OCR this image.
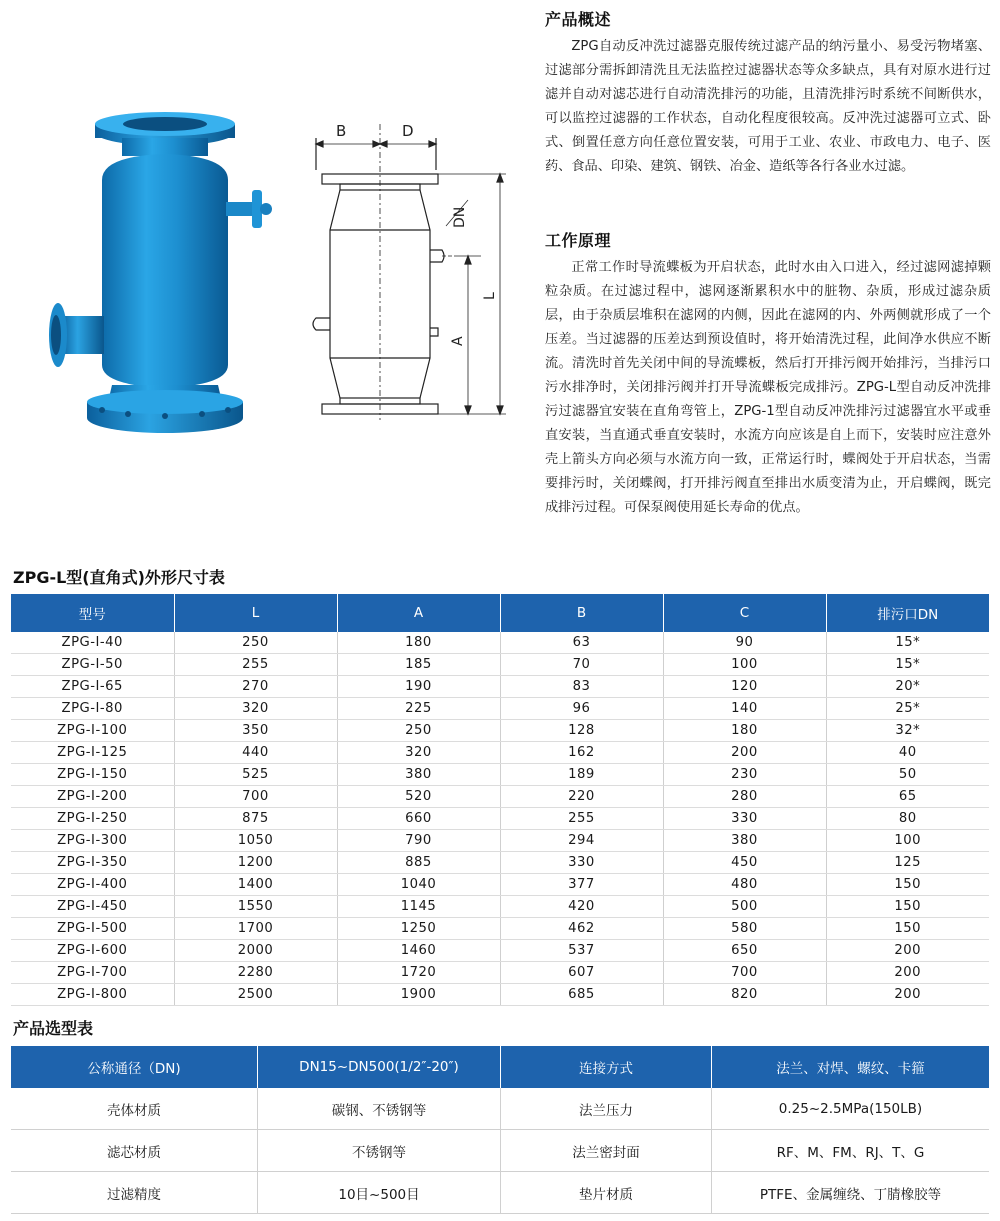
产品概述

ZPG自动反冲洗过滤器克服传统过滤产品的纳污量小、易受污物堵塞、过滤部分需拆卸清洗且无法监控过滤器状态等众多缺点，具有对原水进行过滤并自动对滤芯进行自动清洗排污的功能，且清洗排污时系统不间断供水，可以监控过滤器的工作状态，自动化程度很较高。反冲洗过滤器可立式、卧式、倒置任意方向任意位置安装，可用于工业、农业、市政电力、电子、医药、食品、印染、建筑、钢铁、冶金、造纸等各行各业水过滤。

工作原理

正常工作时导流蝶板为开启状态，此时水由入口进入，经过滤网滤掉颗粒杂质。在过滤过程中，滤网逐渐累积水中的脏物、杂质，形成过滤杂质层，由于杂质层堆积在滤网的内侧，因此在滤网的内、外两侧就形成了一个压差。当过滤器的压差达到预设值时，将开始清洗过程，此间净水供应不断流。清洗时首先关闭中间的导流蝶板，然后打开排污阀开始排污，当排污口污水排净时，关闭排污阀并打开导流蝶板完成排污。ZPG-L型自动反冲洗排污过滤器宜安装在直角弯管上，ZPG-1型自动反冲洗排污过滤器宜水平或垂直安装，当直通式垂直安装时，水流方向应该是自上而下，安装时应注意外壳上箭头方向必须与水流方向一致，正常运行时，蝶阀处于开启状态，当需要排污时，关闭蝶阀，打开排污阀直至排出水质变清为止，开启蝶阀，既完成排污过程。可保泵阀使用延长寿命的优点。

B	D
DN
L
A
ZPG-L型(直角式)外形尺寸表
型号	L	A	B	C	排污口DN
ZPG-I-40	250	180	63	90	15*
ZPG-I-50	255	185	70	100	15*
ZPG-I-65	270	190	83	120	20*
ZPG-I-80	320	225	96	140	25*
ZPG-I-100	350	250	128	180	32*
ZPG-I-125	440	320	162	200	40
ZPG-I-150	525	380	189	230	50
ZPG-I-200	700	520	220	280	65
ZPG-I-250	875	660	255	330	80
ZPG-I-300	1050	790	294	380	100
ZPG-I-350	1200	885	330	450	125
ZPG-I-400	1400	1040	377	480	150
ZPG-I-450	1550	1145	420	500	150
ZPG-I-500	1700	1250	462	580	150
ZPG-I-600	2000	1460	537	650	200
ZPG-I-700	2280	1720	607	700	200
ZPG-I-800	2500	1900	685	820	200
产品选型表
公称通径（DN)	DN15~DN500(1/2″-20″)	连接方式	法兰、对焊、螺纹、卡箍
壳体材质	碳钢、不锈钢等	法兰压力	0.25~2.5MPa(150LB)
滤芯材质	不锈钢等	法兰密封面	RF、M、FM、RJ、T、G
过滤精度	10目~500目	垫片材质	PTFE、金属缠绕、丁腈橡胶等
